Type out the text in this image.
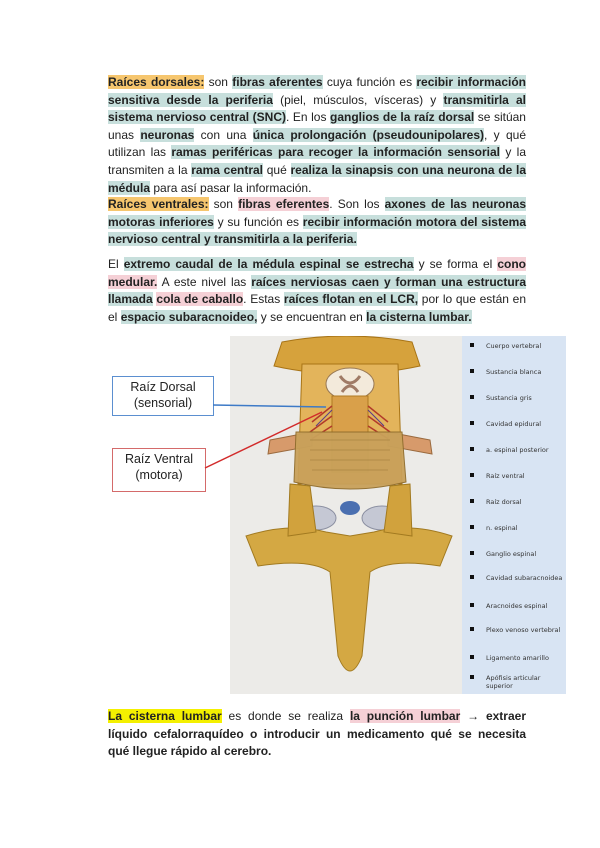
Raíces dorsales: son fibras aferentes cuya función es recibir información sensitiva desde la periferia (piel, músculos, vísceras) y transmitirla al sistema nervioso central (SNC). En los ganglios de la raíz dorsal se sitúan unas neuronas con una única prolongación (pseudounipolares), y qué utilizan las ramas periféricas para recoger la información sensorial y la transmiten a la rama central qué realiza la sinapsis con una neurona de la médula para así pasar la información.

Raíces ventrales: son fibras eferentes. Son los axones de las neuronas motoras inferiores y su función es recibir información motora del sistema nervioso central y transmitirla a la periferia.

El extremo caudal de la médula espinal se estrecha y se forma el cono medular. A este nivel las raíces nerviosas caen y forman una estructura llamada cola de caballo. Estas raíces flotan en el LCR, por lo que están en el espacio subaracnoideo, y se encuentran en la cisterna lumbar.

Cuerpo vertebral
Sustancia blanca
Sustancia gris
Cavidad epidural
a. espinal posterior
Raíz ventral
Raíz dorsal
n. espinal
Ganglio espinal
Cavidad subaracnoidea
Aracnoides espinal
Plexo venoso vertebral
Ligamento amarillo
Apófisis articular superior
Raíz Dorsal
(sensorial)
Raíz Ventral
(motora)

La cisterna lumbar es donde se realiza la punción lumbar → extraer líquido cefalorraquídeo o introducir un medicamento qué se necesita qué llegue rápido al cerebro.
